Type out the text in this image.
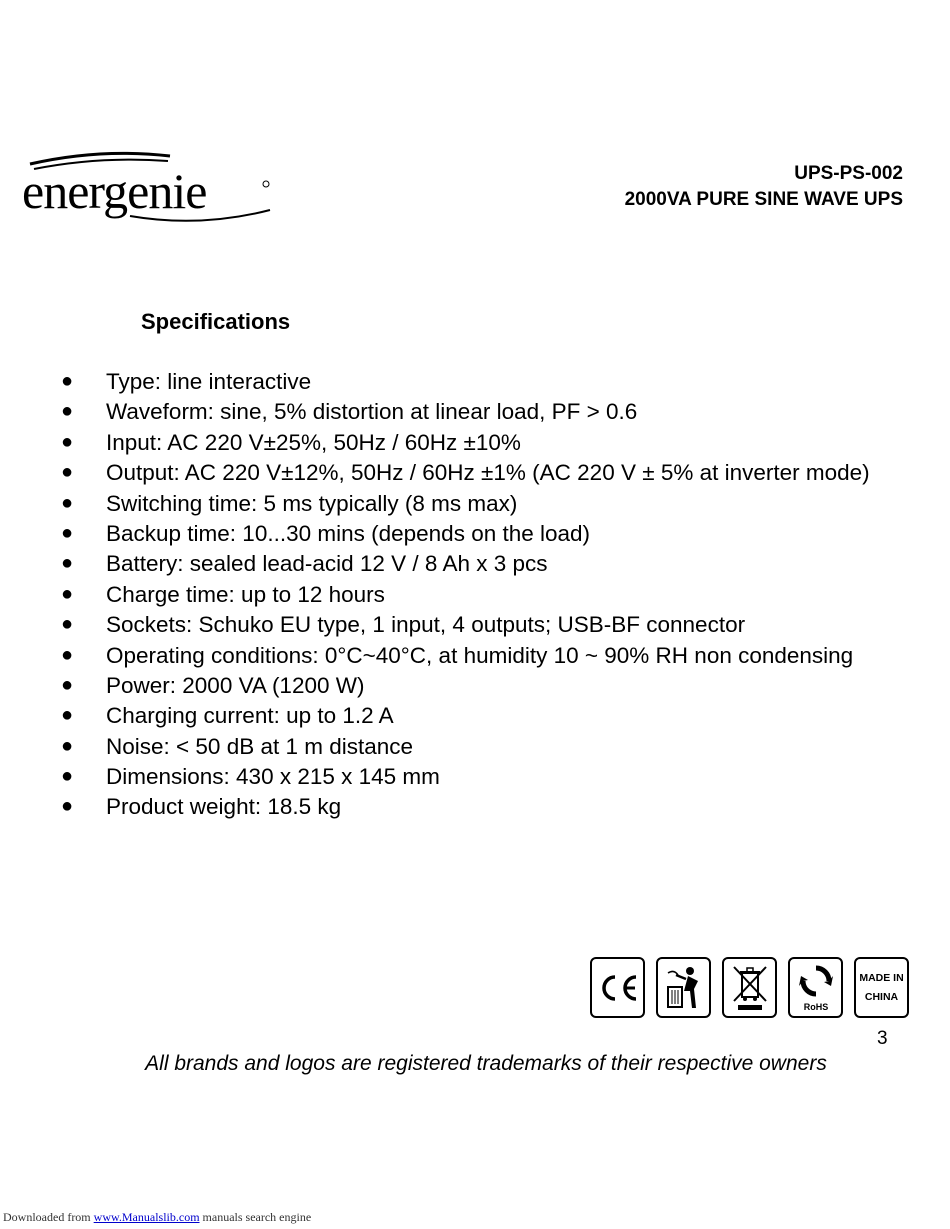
energenie	UPS-PS-002
2000VA PURE SINE WAVE UPS
Specifications
● Type: line interactive
● Waveform: sine, 5% distortion at linear load, PF > 0.6
● Input: AC 220 V±25%, 50Hz / 60Hz ±10%
● Output: AC 220 V±12%, 50Hz / 60Hz ±1% (AC 220 V ± 5% at inverter mode)
● Switching time: 5 ms typically (8 ms max)
● Backup time: 10...30 mins (depends on the load)
● Battery: sealed lead-acid 12 V / 8 Ah x 3 pcs
● Charge time: up to 12 hours
● Sockets: Schuko EU type, 1 input, 4 outputs; USB-BF connector
● Operating conditions: 0°C~40°C, at humidity 10 ~ 90% RH non condensing
● Power: 2000 VA (1200 W)
● Charging current: up to 1.2 A
● Noise: < 50 dB at 1 m distance
● Dimensions: 430 x 215 x 145 mm
● Product weight: 18.5 kg
RoHS
MADE IN
CHINA
3
All brands and logos are registered trademarks of their respective owners
Downloaded from www.Manualslib.com manuals search engine
